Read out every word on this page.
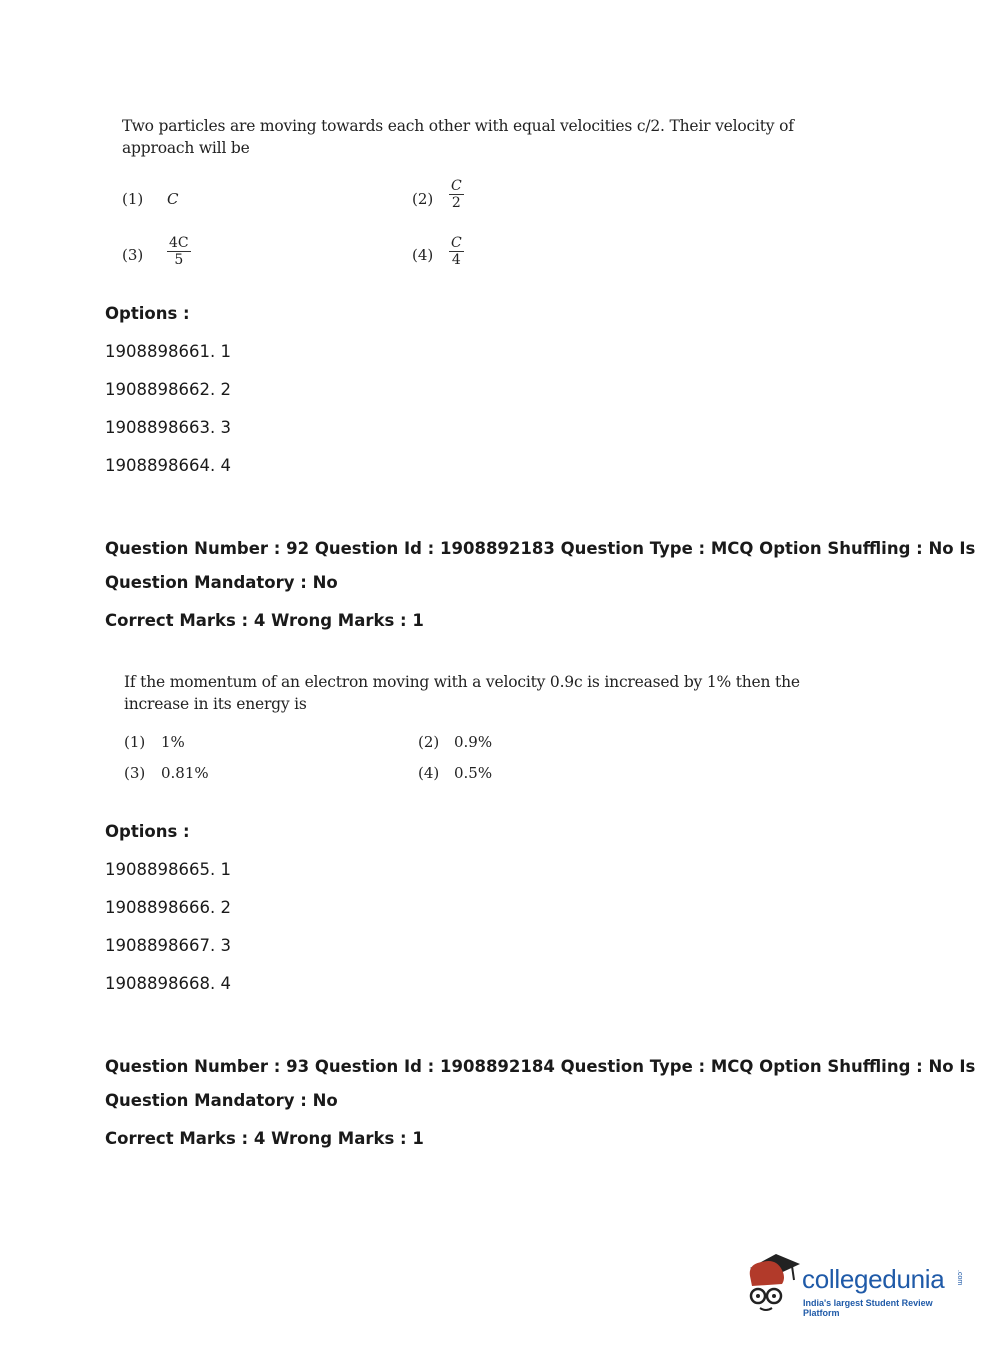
Two particles are moving towards each other with equal velocities c/2. Their velocity of
approach will be
(1) C	$(2) \frac{C}{2}$
$(3) \frac{4C}{5}$	$(4) \frac{C}{4}$
Options :
1908898661. 1
1908898662. 2
1908898663. 3
1908898664. 4
Question Number : 92 Question Id : 1908892183 Question Type : MCQ Option Shuffling : No Is
Question Mandatory : No
Correct Marks : 4 Wrong Marks : 1
If the momentum of an electron moving with a velocity 0.9c is increased by 1% then the
increase in its energy is
(1) 1%	(2) 0.9%
(3) 0.81%	(4) 0.5%
Options :
1908898665. 1
1908898666. 2
1908898667. 3
1908898668. 4
Question Number : 93 Question Id : 1908892184 Question Type : MCQ Option Shuffling : No Is
Question Mandatory : No
Correct Marks : 4 Wrong Marks : 1
collegedunia .com
India's largest Student Review Platform
